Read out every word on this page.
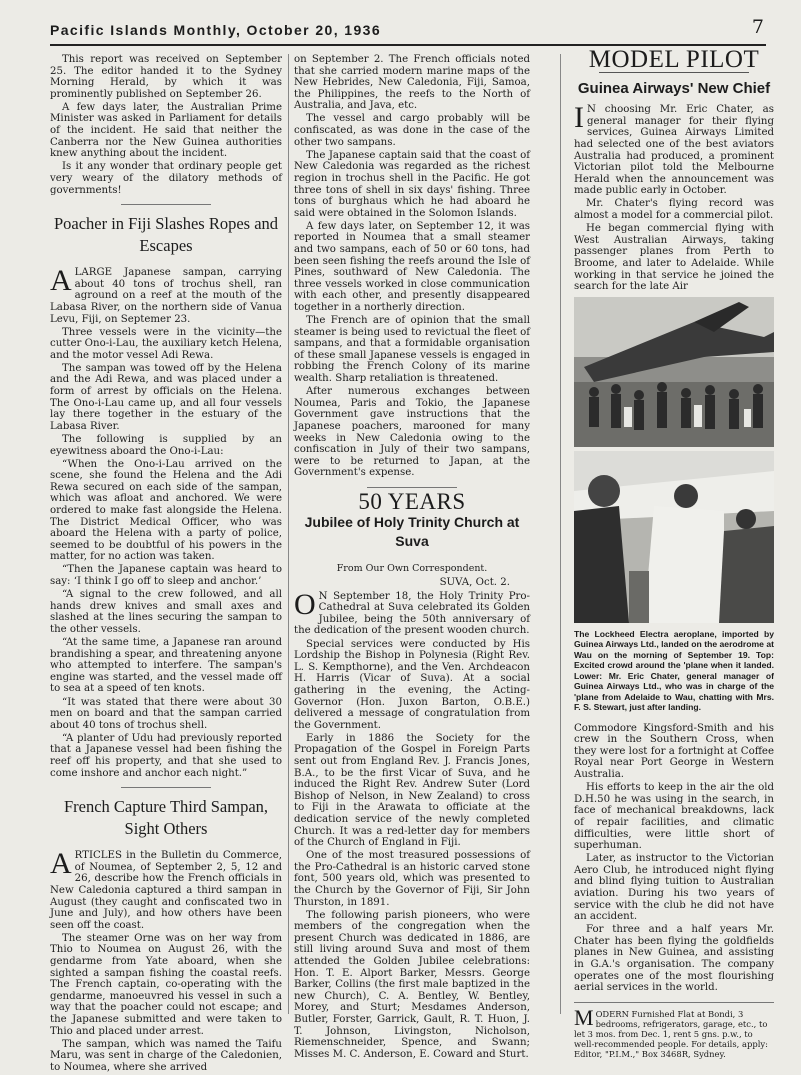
Pacific Islands Monthly, October 20, 1936	7

This report was received on September 25. The editor handed it to the Sydney Morning Herald, by which it was prominently published on September 26.

A few days later, the Australian Prime Minister was asked in Parliament for details of the incident. He said that neither the Canberra nor the New Guinea authorities knew anything about the incident.

Is it any wonder that ordinary people get very weary of the dilatory methods of governments!

Poacher in Fiji Slashes Ropes and Escapes

ALARGE Japanese sampan, carrying about 40 tons of trochus shell, ran aground on a reef at the mouth of the Labasa River, on the northern side of Vanua Levu, Fiji, on Septemer 23.

Three vessels were in the vicinity—the cutter Ono-i-Lau, the auxiliary ketch Helena, and the motor vessel Adi Rewa.

The sampan was towed off by the Helena and the Adi Rewa, and was placed under a form of arrest by officials on the Helena. The Ono-i-Lau came up, and all four vessels lay there together in the estuary of the Labasa River.

The following is supplied by an eyewitness aboard the Ono-i-Lau:

“When the Ono-i-Lau arrived on the scene, she found the Helena and the Adi Rewa secured on each side of the sampan, which was afloat and anchored. We were ordered to make fast alongside the Helena. The District Medical Officer, who was aboard the Helena with a party of police, seemed to be doubtful of his powers in the matter, for no action was taken.

“Then the Japanese captain was heard to say: ‘I think I go off to sleep and anchor.’

“A signal to the crew followed, and all hands drew knives and small axes and slashed at the lines securing the sampan to the other vessels.

“At the same time, a Japanese ran around brandishing a spear, and threatening anyone who attempted to interfere. The sampan's engine was started, and the vessel made off to sea at a speed of ten knots.

“It was stated that there were about 30 men on board and that the sampan carried about 40 tons of trochus shell.

“A planter of Udu had previously reported that a Japanese vessel had been fishing the reef off his property, and that she used to come inshore and anchor each night.”

French Capture Third Sampan, Sight Others

ARTICLES in the Bulletin du Commerce, of Noumea, of September 2, 5, 12 and 26, describe how the French officials in New Caledonia captured a third sampan in August (they caught and confiscated two in June and July), and how others have been seen off the coast.

The steamer Orne was on her way from Thio to Noumea on August 26, with the gendarme from Yate aboard, when she sighted a sampan fishing the coastal reefs. The French captain, co-operating with the gendarme, manoeuvred his vessel in such a way that the poacher could not escape; and the Japanese submitted and were taken to Thio and placed under arrest.

The sampan, which was named the Taifu Maru, was sent in charge of the Caledonien, to Noumea, where she arrived

on September 2. The French officials noted that she carried modern marine maps of the New Hebrides, New Caledonia, Fiji, Samoa, the Philippines, the reefs to the North of Australia, and Java, etc.

The vessel and cargo probably will be confiscated, as was done in the case of the other two sampans.

The Japanese captain said that the coast of New Caledonia was regarded as the richest region in trochus shell in the Pacific. He got three tons of shell in six days' fishing. Three tons of burghaus which he had aboard he said were obtained in the Solomon Islands.

A few days later, on September 12, it was reported in Noumea that a small steamer and two sampans, each of 50 or 60 tons, had been seen fishing the reefs around the Isle of Pines, southward of New Caledonia. The three vessels worked in close communication with each other, and presently disappeared together in a northerly direction.

The French are of opinion that the small steamer is being used to revictual the fleet of sampans, and that a formidable organisation of these small Japanese vessels is engaged in robbing the French Colony of its marine wealth. Sharp retaliation is threatened.

After numerous exchanges between Noumea, Paris and Tokio, the Japanese Government gave instructions that the Japanese poachers, marooned for many weeks in New Caledonia owing to the confiscation in July of their two sampans, were to be returned to Japan, at the Government's expense.

50 YEARS
Jubilee of Holy Trinity Church at Suva
From Our Own Correspondent.
SUVA, Oct. 2.

O N September 18, the Holy Trinity Pro-Cathedral at Suva celebrated its Golden Jubilee, being the 50th anniversary of the dedication of the present wooden church.

Special services were conducted by His Lordship the Bishop in Polynesia (Right Rev. L. S. Kempthorne), and the Ven. Archdeacon H. Harris (Vicar of Suva). At a social gathering in the evening, the Acting-Governor (Hon. Juxon Barton, O.B.E.) delivered a message of congratulation from the Government.

Early in 1886 the Society for the Propagation of the Gospel in Foreign Parts sent out from England Rev. J. Francis Jones, B.A., to be the first Vicar of Suva, and he induced the Right Rev. Andrew Suter (Lord Bishop of Nelson, in New Zealand) to cross to Fiji in the Arawata to officiate at the dedication service of the newly completed Church. It was a red-letter day for members of the Church of England in Fiji.

One of the most treasured possessions of the Pro-Cathedral is an historic carved stone font, 500 years old, which was presented to the Church by the Governor of Fiji, Sir John Thurston, in 1891.

The following parish pioneers, who were members of the congregation when the present Church was dedicated in 1886, are still living around Suva and most of them attended the Golden Jubilee celebrations: Hon. T. E. Alport Barker, Messrs. George Barker, Collins (the first male baptized in the new Church), C. A. Bentley, W. Bentley, Morey, and Sturt; Mesdames Anderson, Butler, Forster, Garrick, Gault, R. T. Huon, J. T. Johnson, Livingston, Nicholson, Riemenschneider, Spence, and Swann; Misses M. C. Anderson, E. Coward and Sturt.

MODEL PILOT
Guinea Airways' New Chief

I N choosing Mr. Eric Chater, as general manager for their flying services, Guinea Airways Limited had selected one of the best aviators Australia had produced, a prominent Victorian pilot told the Melbourne Herald when the announcement was made public early in October.

Mr. Chater's flying record was almost a model for a commercial pilot.

He began commercial flying with West Australian Airways, taking passenger planes from Perth to Broome, and later to Adelaide. While working in that service he joined the search for the late Air

The Lockheed Electra aeroplane, imported by Guinea Airways Ltd., landed on the aerodrome at Wau on the morning of September 19. Top: Excited crowd around the 'plane when it landed. Lower: Mr. Eric Chater, general manager of Guinea Airways Ltd., who was in charge of the 'plane from Adelaide to Wau, chatting with Mrs. F. S. Stewart, just after landing.

Commodore Kingsford-Smith and his crew in the Southern Cross, when they were lost for a fortnight at Coffee Royal near Port George in Western Australia.

His efforts to keep in the air the old D.H.50 he was using in the search, in face of mechanical breakdowns, lack of repair facilities, and climatic difficulties, were little short of superhuman.

Later, as instructor to the Victorian Aero Club, he introduced night flying and blind flying tuition to Australian aviation. During his two years of service with the club he did not have an accident.

For three and a half years Mr. Chater has been flying the goldfields planes in New Guinea, and assisting in G.A.'s organisation. The company operates one of the most flourishing aerial services in the world.

MODERN Furnished Flat at Bondi, 3 bedrooms, refrigerators, garage, etc., to let 3 mos. from Dec. 1, rent 5 gns. p.w., to well-recommended people. For details, apply: Editor, "P.I.M.," Box 3468R, Sydney.
